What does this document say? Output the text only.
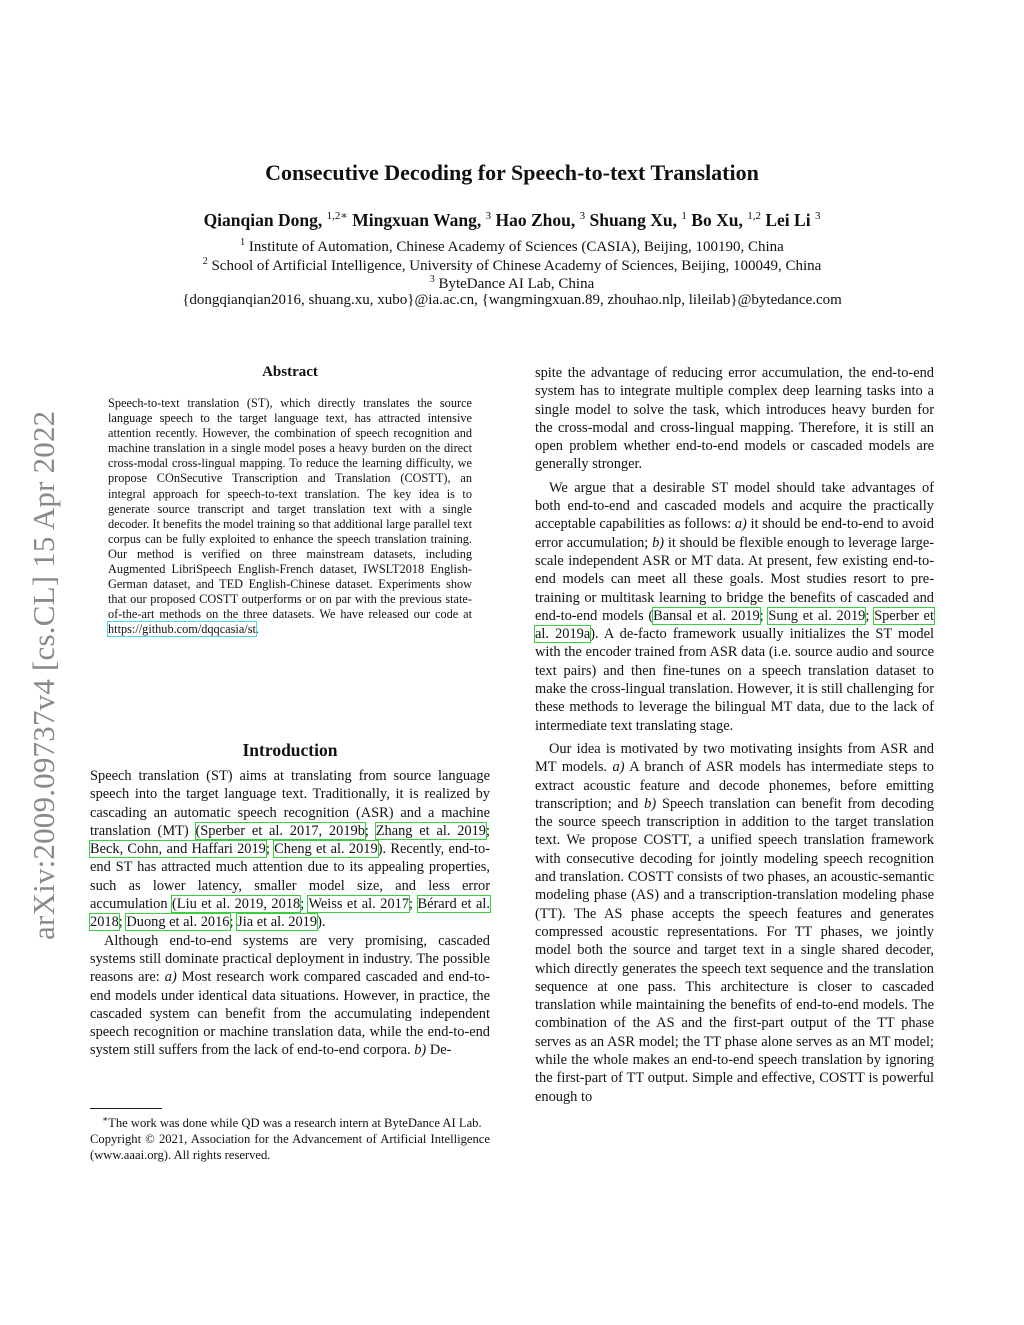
arXiv:2009.09737v4 [cs.CL] 15 Apr 2022
Consecutive Decoding for Speech-to-text Translation
Qianqian Dong, $^{1,2∗}$ Mingxuan Wang, $^3$ Hao Zhou, $^3$ Shuang Xu, $^1$ Bo Xu, $^{1,2}$ Lei Li $^3$
$^1$ Institute of Automation, Chinese Academy of Sciences (CASIA), Beijing, 100190, China
$^2$ School of Artificial Intelligence, University of Chinese Academy of Sciences, Beijing, 100049, China
$^3$ ByteDance AI Lab, China
{dongqianqian2016, shuang.xu, xubo}@ia.ac.cn, {wangmingxuan.89, zhouhao.nlp, lileilab}@bytedance.com
Abstract
Speech-to-text translation (ST), which directly translates the source language speech to the target language text, has attracted intensive attention recently. However, the combination of speech recognition and machine translation in a single model poses a heavy burden on the direct cross-modal cross-lingual mapping. To reduce the learning difficulty, we propose COnSecutive Transcription and Translation (COSTT), an integral approach for speech-to-text translation. The key idea is to generate source transcript and target translation text with a single decoder. It benefits the model training so that additional large parallel text corpus can be fully exploited to enhance the speech translation training. Our method is verified on three mainstream datasets, including Augmented LibriSpeech English-French dataset, IWSLT2018 English-German dataset, and TED English-Chinese dataset. Experiments show that our proposed COSTT outperforms or on par with the previous state-of-the-art methods on the three datasets. We have released our code at https://github.com/dqqcasia/st.
Introduction

Speech translation (ST) aims at translating from source language speech into the target language text. Traditionally, it is realized by cascading an automatic speech recognition (ASR) and a machine translation (MT) (Sperber et al. 2017, 2019b; Zhang et al. 2019; Beck, Cohn, and Haffari 2019; Cheng et al. 2019). Recently, end-to-end ST has attracted much attention due to its appealing properties, such as lower latency, smaller model size, and less error accumulation (Liu et al. 2019, 2018; Weiss et al. 2017; Bérard et al. 2018; Duong et al. 2016; Jia et al. 2019).

Although end-to-end systems are very promising, cascaded systems still dominate practical deployment in industry. The possible reasons are: a) Most research work compared cascaded and end-to-end models under identical data situations. However, in practice, the cascaded system can benefit from the accumulating independent speech recognition or machine translation data, while the end-to-end system still suffers from the lack of end-to-end corpora. b) De-

∗The work was done while QD was a research intern at ByteDance AI Lab.

Copyright © 2021, Association for the Advancement of Artificial Intelligence (www.aaai.org). All rights reserved.

spite the advantage of reducing error accumulation, the end-to-end system has to integrate multiple complex deep learning tasks into a single model to solve the task, which introduces heavy burden for the cross-modal and cross-lingual mapping. Therefore, it is still an open problem whether end-to-end models or cascaded models are generally stronger.

We argue that a desirable ST model should take advantages of both end-to-end and cascaded models and acquire the practically acceptable capabilities as follows: a) it should be end-to-end to avoid error accumulation; b) it should be flexible enough to leverage large-scale independent ASR or MT data. At present, few existing end-to-end models can meet all these goals. Most studies resort to pre-training or multitask learning to bridge the benefits of cascaded and end-to-end models (Bansal et al. 2019; Sung et al. 2019; Sperber et al. 2019a). A de-facto framework usually initializes the ST model with the encoder trained from ASR data (i.e. source audio and source text pairs) and then fine-tunes on a speech translation dataset to make the cross-lingual translation. However, it is still challenging for these methods to leverage the bilingual MT data, due to the lack of intermediate text translating stage.

Our idea is motivated by two motivating insights from ASR and MT models. a) A branch of ASR models has intermediate steps to extract acoustic feature and decode phonemes, before emitting transcription; and b) Speech translation can benefit from decoding the source speech transcription in addition to the target translation text. We propose COSTT, a unified speech translation framework with consecutive decoding for jointly modeling speech recognition and translation. COSTT consists of two phases, an acoustic-semantic modeling phase (AS) and a transcription-translation modeling phase (TT). The AS phase accepts the speech features and generates compressed acoustic representations. For TT phases, we jointly model both the source and target text in a single shared decoder, which directly generates the speech text sequence and the translation sequence at one pass. This architecture is closer to cascaded translation while maintaining the benefits of end-to-end models. The combination of the AS and the first-part output of the TT phase serves as an ASR model; the TT phase alone serves as an MT model; while the whole makes an end-to-end speech translation by ignoring the first-part of TT output. Simple and effective, COSTT is powerful enough to
